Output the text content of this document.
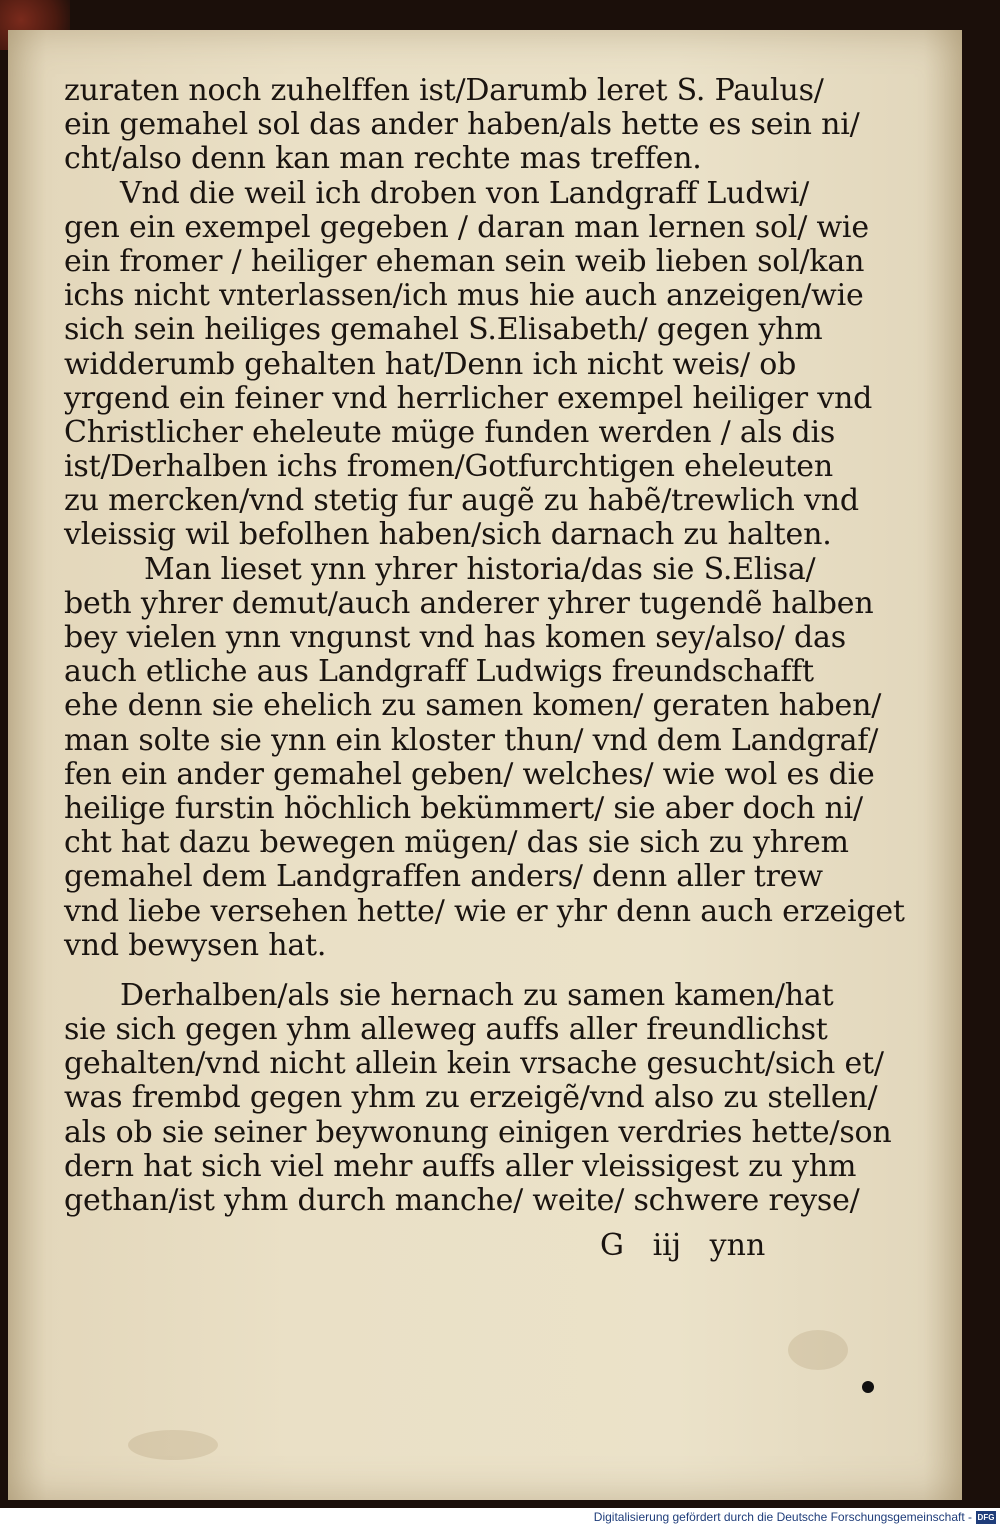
zuraten noch zuhelffen ist/Darumb leret S. Paulus/
ein gemahel sol das ander haben/als hette es sein ni/
cht/also denn kan man rechte mas treffen.
Vnd die weil ich droben von Landgraff Ludwi/
gen ein exempel gegeben / daran man lernen sol/ wie
ein fromer / heiliger eheman sein weib lieben sol/kan
ichs nicht vnterlassen/ich mus hie auch anzeigen/wie
sich sein heiliges gemahel S.Elisabeth/ gegen yhm
widderumb gehalten hat/Denn ich nicht weis/ ob
yrgend ein feiner vnd herrlicher exempel heiliger vnd
Christlicher eheleute müge funden werden / als dis
ist/Derhalben ichs fromen/Gotfurchtigen eheleuten
zu mercken/vnd stetig fur augẽ zu habẽ/trewlich vnd
vleissig wil befolhen haben/sich darnach zu halten.
Man lieset ynn yhrer historia/das sie S.Elisa/
beth yhrer demut/auch anderer yhrer tugendẽ halben
bey vielen ynn vngunst vnd has komen sey/also/ das
auch etliche aus Landgraff Ludwigs freundschafft
ehe denn sie ehelich zu samen komen/ geraten haben/
man solte sie ynn ein kloster thun/ vnd dem Landgraf/
fen ein ander gemahel geben/ welches/ wie wol es die
heilige furstin höchlich bekümmert/ sie aber doch ni/
cht hat dazu bewegen mügen/ das sie sich zu yhrem
gemahel dem Landgraffen anders/ denn aller trew
vnd liebe versehen hette/ wie er yhr denn auch erzeiget
vnd bewysen hat.
Derhalben/als sie hernach zu samen kamen/hat
sie sich gegen yhm alleweg auffs aller freundlichst
gehalten/vnd nicht allein kein vrsache gesucht/sich et/
was frembd gegen yhm zu erzeigẽ/vnd also zu stellen/
als ob sie seiner beywonung einigen verdries hette/son
dern hat sich viel mehr auffs aller vleissigest zu yhm
gethan/ist yhm durch manche/ weite/ schwere reyse/
G   iij   ynn
Digitalisierung gefördert durch die Deutsche Forschungsgemeinschaft - DFG
